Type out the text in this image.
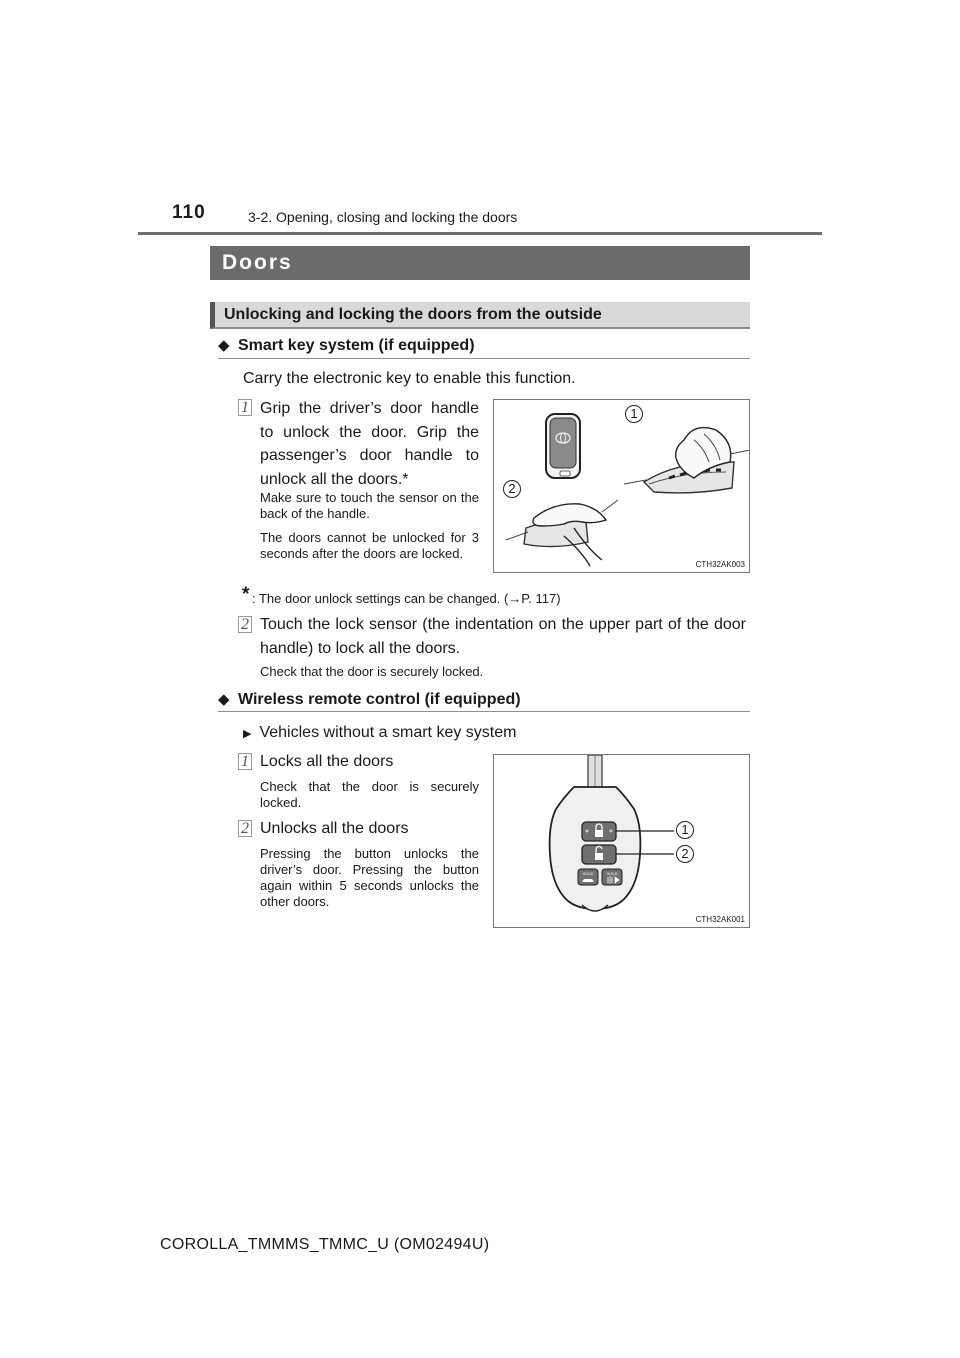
110	3-2. Opening, closing and locking the doors
Doors
Unlocking and locking the doors from the outside
◆ Smart key system (if equipped)
Carry the electronic key to enable this function.
1 Grip the driver’s door handle to unlock the door. Grip the passenger’s door handle to unlock all the doors.*
Make sure to touch the sensor on the back of the handle.
The doors cannot be unlocked for 3 seconds after the doors are locked.
1
2
CTH32AK003
* : The door unlock settings can be changed. (→P. 117)
2 Touch the lock sensor (the indentation on the upper part of the door handle) to lock all the doors.
Check that the door is securely locked.
◆ Wireless remote control (if equipped)
▶ Vehicles without a smart key system
1 Locks all the doors
Check that the door is securely locked.
2 Unlocks all the doors
Pressing the button unlocks the driver’s door. Pressing the button again within 5 seconds unlocks the other doors.
HOLD	HOLD
1
2
CTH32AK001
COROLLA_TMMMS_TMMC_U (OM02494U)
